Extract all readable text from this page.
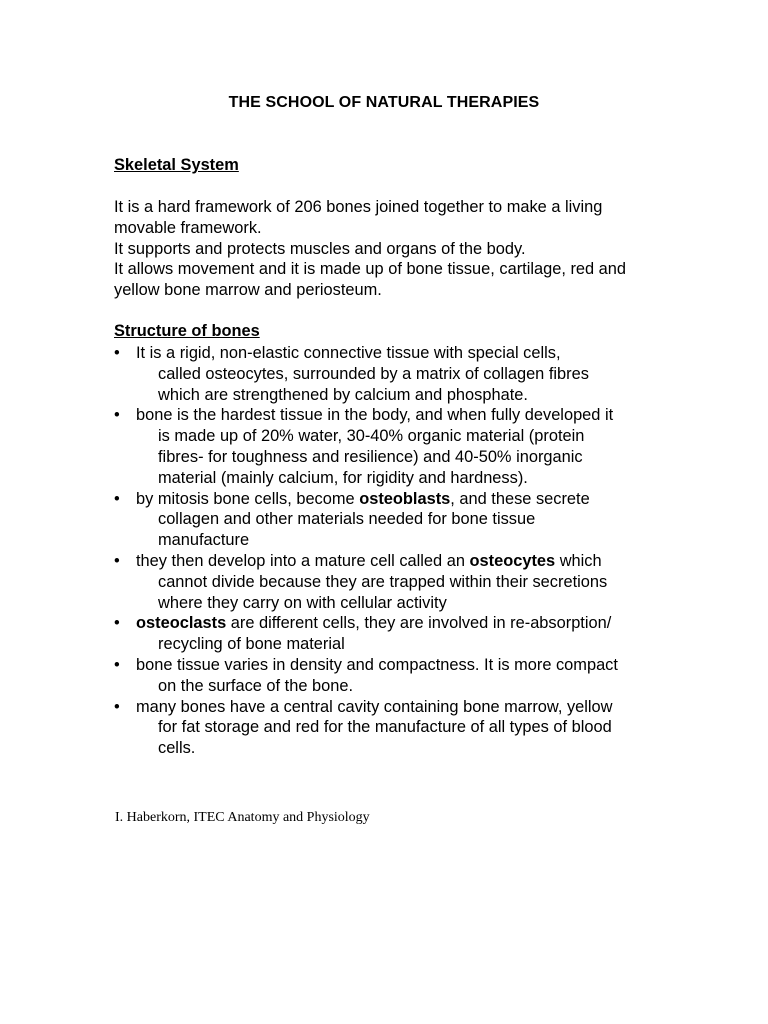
THE SCHOOL OF NATURAL THERAPIES
Skeletal System

It is a hard framework of 206 bones joined together to make a living movable framework.

It supports and protects muscles and organs of the body.

It allows movement and it is made up of bone tissue, cartilage, red and yellow bone marrow and periosteum.

Structure of bones
• It is a rigid, non-elastic connective tissue with special cells,
called osteocytes, surrounded by a matrix of collagen fibres
which are strengthened by calcium and phosphate.
• bone is the hardest tissue in the body, and when fully developed it
is made up of 20% water, 30-40% organic material (protein
fibres- for toughness and resilience) and 40-50% inorganic
material (mainly calcium, for rigidity and hardness).
• by mitosis bone cells, become osteoblasts, and these secrete
collagen and other materials needed for bone tissue
manufacture
• they then develop into a mature cell called an osteocytes which
cannot divide because they are trapped within their secretions
where they carry on with cellular activity
• osteoclasts are different cells, they are involved in re-absorption/
recycling of bone material
• bone tissue varies in density and compactness. It is more compact
on the surface of the bone.
• many bones have a central cavity containing bone marrow, yellow
for fat storage and red for the manufacture of all types of blood
cells.
I. Haberkorn, ITEC Anatomy and Physiology
